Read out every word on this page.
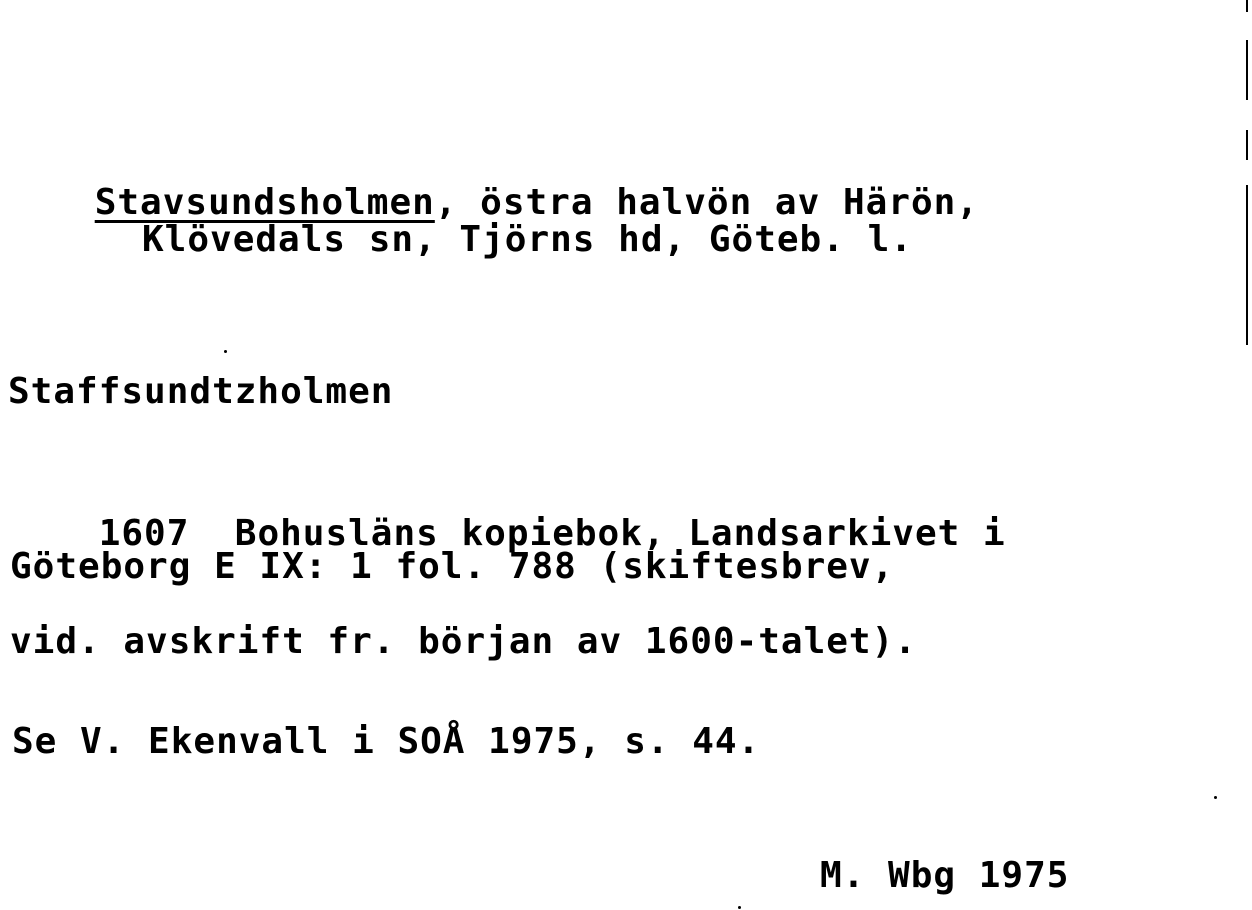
Stavsundsholmen, östra halvön av Härön,

Klövedals sn, Tjörns hd, Göteb. l.
Staffsundtzholmen

1607 Bohusläns kopiebok, Landsarkivet i

Göteborg E IX: 1 fol. 788 (skiftesbrev,
vid. avskrift fr. början av 1600-talet).
Se V. Ekenvall i SOÅ 1975, s. 44.
M. Wbg 1975
